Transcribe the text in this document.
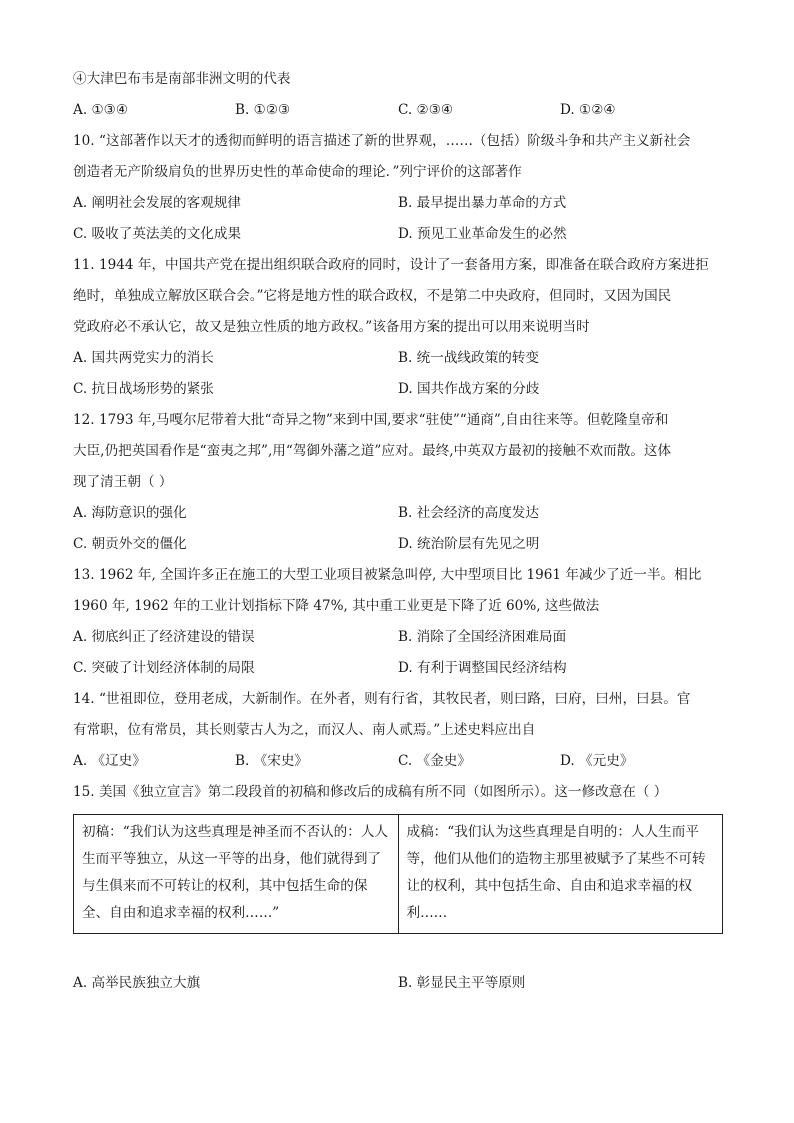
④大津巴布韦是南部非洲文明的代表
A. ①③④	B. ①②③	C. ②③④	D. ①②④
10. “这部著作以天才的透彻而鲜明的语言描述了新的世界观，……（包括）阶级斗争和共产主义新社会
创造者无产阶级肩负的世界历史性的革命使命的理论．”列宁评价的这部著作
A. 阐明社会发展的客观规律	B. 最早提出暴力革命的方式
C. 吸收了英法美的文化成果	D. 预见工业革命发生的必然
11. 1944 年，中国共产党在提出组织联合政府的同时，设计了一套备用方案，即准备在联合政府方案进拒
绝时，单独成立解放区联合会。”它将是地方性的联合政权，不是第二中央政府，但同时，又因为国民
党政府必不承认它，故又是独立性质的地方政权。”该备用方案的提出可以用来说明当时
A. 国共两党实力的消长	B. 统一战线政策的转变
C. 抗日战场形势的紧张	D. 国共作战方案的分歧
12. 1793 年,马嘎尔尼带着大批“奇异之物”来到中国,要求“驻使”“通商”,自由往来等。但乾隆皇帝和
大臣,仍把英国看作是“蛮夷之邦”,用“驾御外藩之道”应对。最终,中英双方最初的接触不欢而散。这体
现了清王朝（ ）
A. 海防意识的强化	B. 社会经济的高度发达
C. 朝贡外交的僵化	D. 统治阶层有先见之明
13. 1962 年, 全国许多正在施工的大型工业项目被紧急叫停, 大中型项目比 1961 年减少了近一半。相比
1960 年, 1962 年的工业计划指标下降 47%, 其中重工业更是下降了近 60%, 这些做法
A. 彻底纠正了经济建设的错误	B. 消除了全国经济困难局面
C. 突破了计划经济体制的局限	D. 有利于调整国民经济结构
14. “世祖即位，登用老成，大新制作。在外者，则有行省，其牧民者，则曰路，曰府，曰州，曰县。官
有常职，位有常员，其长则蒙古人为之，而汉人、南人贰焉。”上述史料应出自
A. 《辽史》	B. 《宋史》	C. 《金史》	D. 《元史》
15. 美国《独立宣言》第二段段首的初稿和修改后的成稿有所不同（如图所示）。这一修改意在（ ）
初稿：“我们认为这些真理是神圣而不否认的：人人生而平等独立，从这一平等的出身，他们就得到了与生俱来而不可转让的权利，其中包括生命的保全、自由和追求幸福的权利……”	成稿：“我们认为这些真理是自明的：人人生而平等，他们从他们的造物主那里被赋予了某些不可转让的权利，其中包括生命、自由和追求幸福的权利……
A. 高举民族独立大旗	B. 彰显民主平等原则
